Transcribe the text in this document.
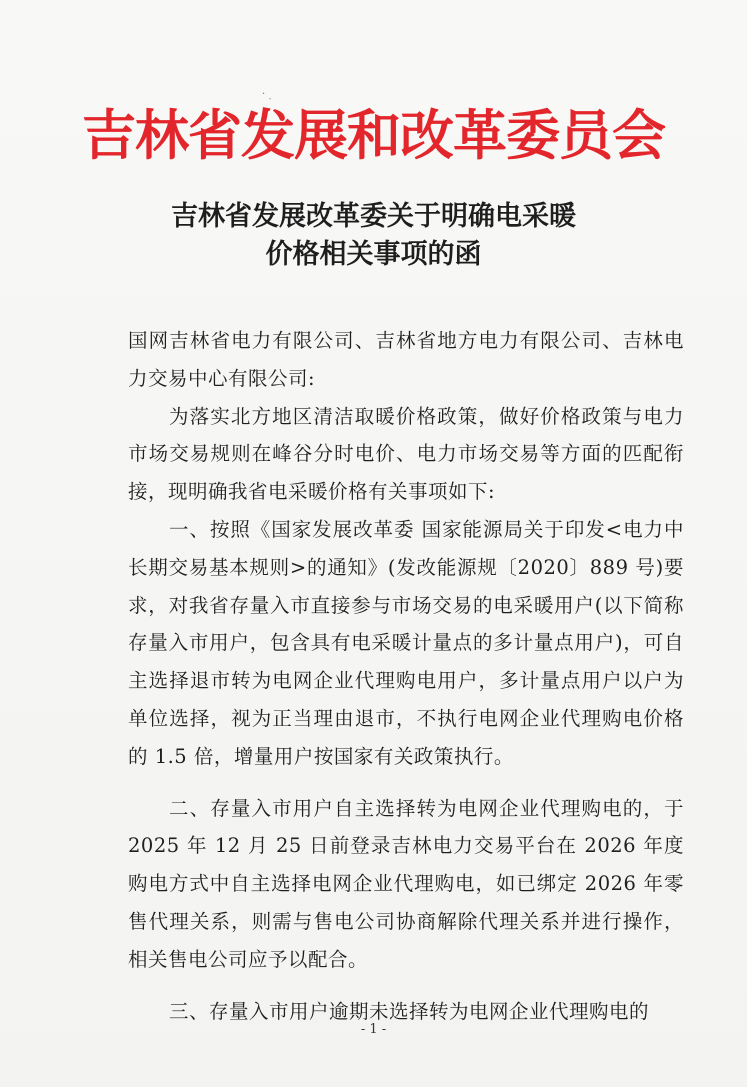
· ˎ
吉林省发展和改革委员会
吉林省发展改革委关于明确电采暖
价格相关事项的函

国网吉林省电力有限公司、吉林省地方电力有限公司、吉林电力交易中心有限公司:

为落实北方地区清洁取暖价格政策，做好价格政策与电力市场交易规则在峰谷分时电价、电力市场交易等方面的匹配衔接，现明确我省电采暖价格有关事项如下:

一、按照《国家发展改革委 国家能源局关于印发<电力中长期交易基本规则>的通知》(发改能源规〔2020〕889 号)要求，对我省存量入市直接参与市场交易的电采暖用户(以下简称存量入市用户，包含具有电采暖计量点的多计量点用户)，可自主选择退市转为电网企业代理购电用户，多计量点用户以户为单位选择，视为正当理由退市，不执行电网企业代理购电价格的 1.5 倍，增量用户按国家有关政策执行。

二、存量入市用户自主选择转为电网企业代理购电的，于 2025 年 12 月 25 日前登录吉林电力交易平台在 2026 年度购电方式中自主选择电网企业代理购电，如已绑定 2026 年零售代理关系，则需与售电公司协商解除代理关系并进行操作，相关售电公司应予以配合。

三、存量入市用户逾期未选择转为电网企业代理购电的

- 1 -
